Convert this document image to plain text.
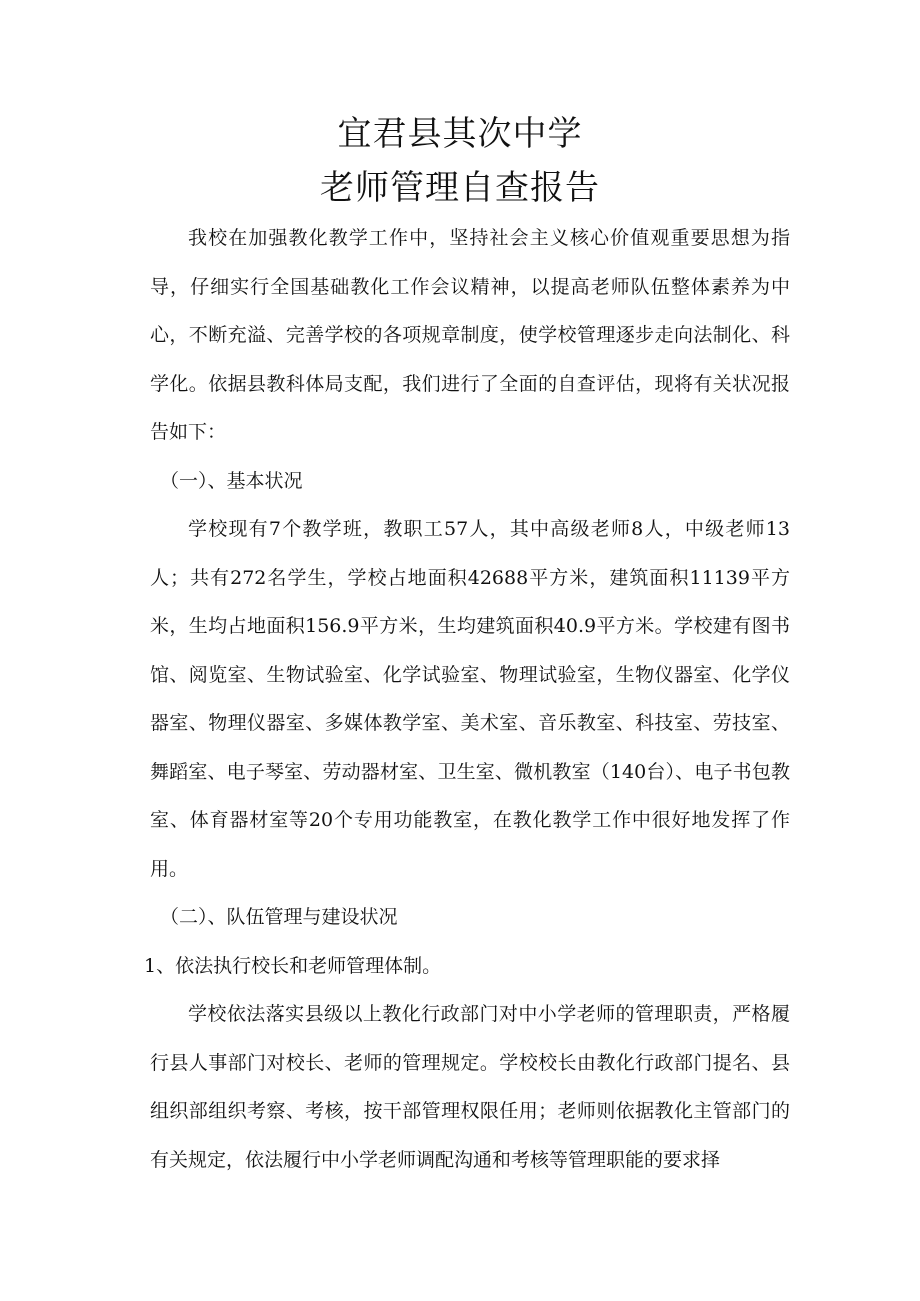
宜君县其次中学
老师管理自查报告

我校在加强教化教学工作中，坚持社会主义核心价值观重要思想为指导，仔细实行全国基础教化工作会议精神，以提高老师队伍整体素养为中心，不断充溢、完善学校的各项规章制度，使学校管理逐步走向法制化、科学化。依据县教科体局支配，我们进行了全面的自查评估，现将有关状况报告如下：

（一）、基本状况

学校现有7个教学班，教职工57人，其中高级老师8人，中级老师13人；共有272名学生，学校占地面积42688平方米，建筑面积11139平方米，生均占地面积156.9平方米，生均建筑面积40.9平方米。学校建有图书馆、阅览室、生物试验室、化学试验室、物理试验室，生物仪器室、化学仪器室、物理仪器室、多媒体教学室、美术室、音乐教室、科技室、劳技室、舞蹈室、电子琴室、劳动器材室、卫生室、微机教室（140台）、电子书包教室、体育器材室等20个专用功能教室，在教化教学工作中很好地发挥了作用。

（二）、队伍管理与建设状况

1、依法执行校长和老师管理体制。

学校依法落实县级以上教化行政部门对中小学老师的管理职责，严格履行县人事部门对校长、老师的管理规定。学校校长由教化行政部门提名、县组织部组织考察、考核，按干部管理权限任用；老师则依据教化主管部门的有关规定，依法履行中小学老师调配沟通和考核等管理职能的要求择
